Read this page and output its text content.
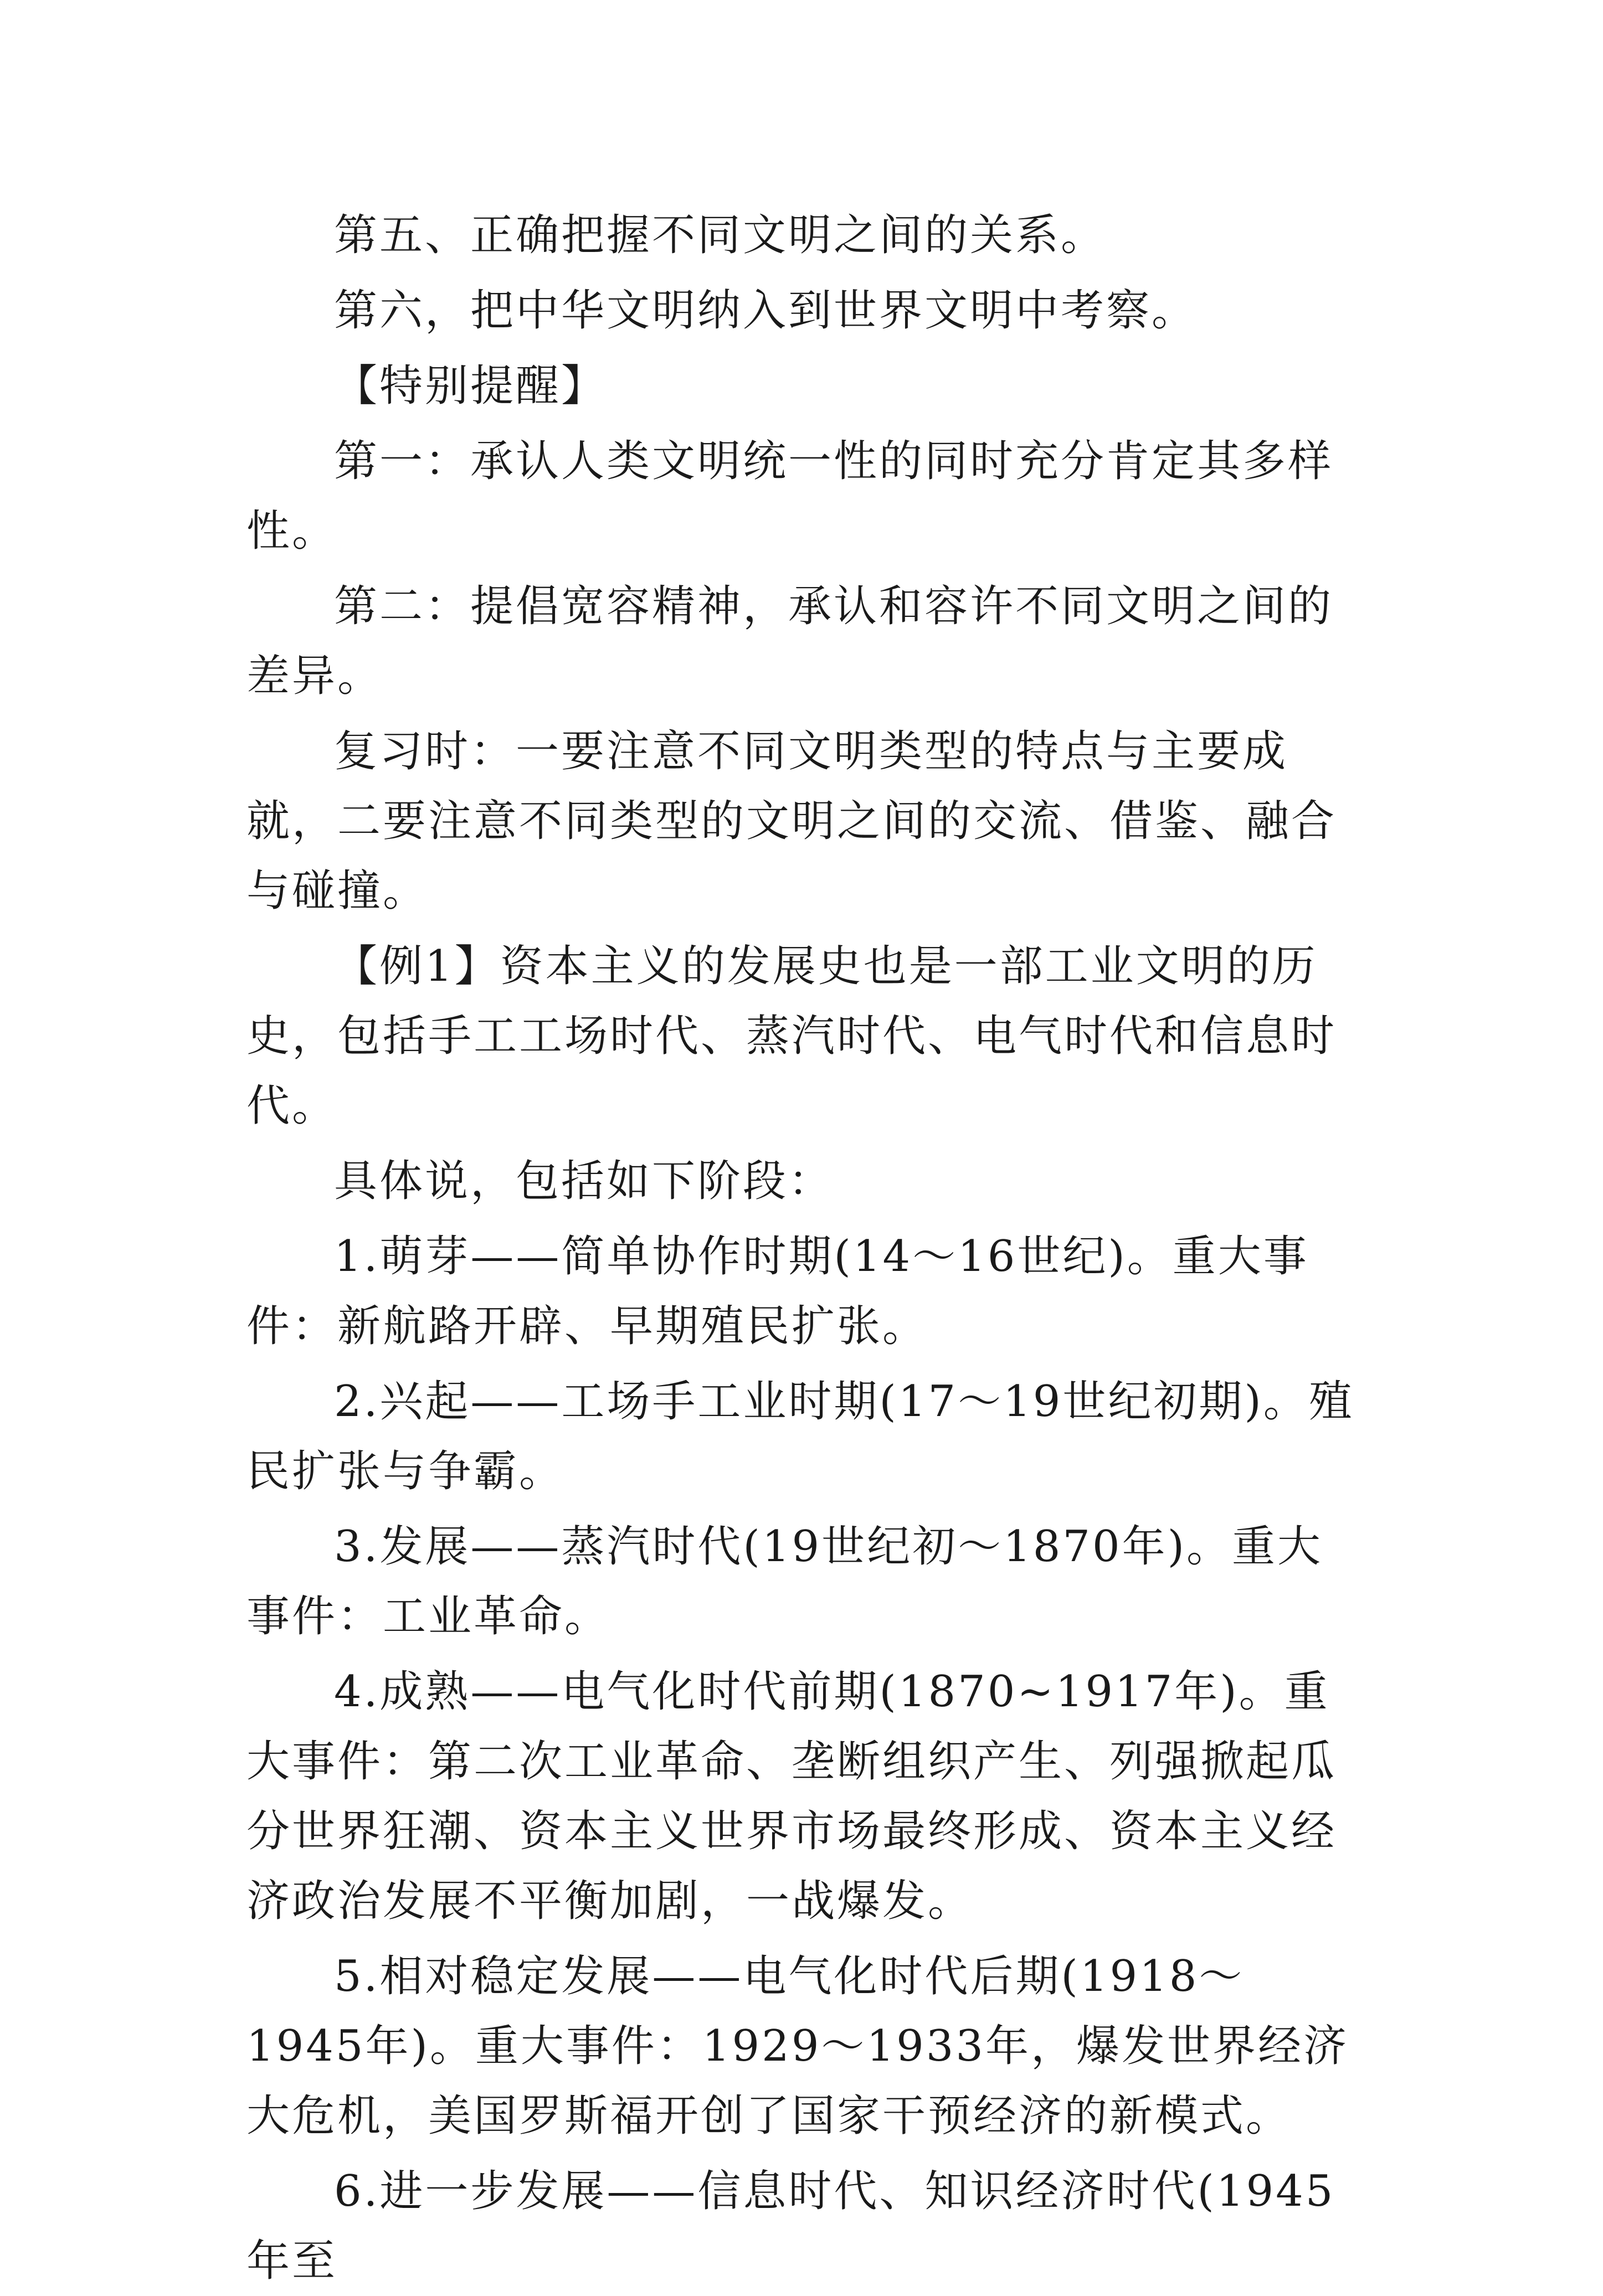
第五、正确把握不同文明之间的关系。

第六，把中华文明纳入到世界文明中考察。

【特别提醒】

第一：承认人类文明统一性的同时充分肯定其多样性。

第二：提倡宽容精神，承认和容许不同文明之间的差异。

复习时：一要注意不同文明类型的特点与主要成就，二要注意不同类型的文明之间的交流、借鉴、融合与碰撞。

【例1】资本主义的发展史也是一部工业文明的历史，包括手工工场时代、蒸汽时代、电气时代和信息时代。

具体说，包括如下阶段：

1.萌芽——简单协作时期(14～16世纪)。重大事件：新航路开辟、早期殖民扩张。

2.兴起——工场手工业时期(17～19世纪初期)。殖民扩张与争霸。

3.发展——蒸汽时代(19世纪初～1870年)。重大事件：工业革命。

4.成熟——电气化时代前期(1870~1917年)。重大事件：第二次工业革命、垄断组织产生、列强掀起瓜分世界狂潮、资本主义世界市场最终形成、资本主义经济政治发展不平衡加剧，一战爆发。

5.相对稳定发展——电气化时代后期(1918～1945年)。重大事件：1929～1933年，爆发世界经济大危机，美国罗斯福开创了国家干预经济的新模式。

6.进一步发展——信息时代、知识经济时代(1945年至
